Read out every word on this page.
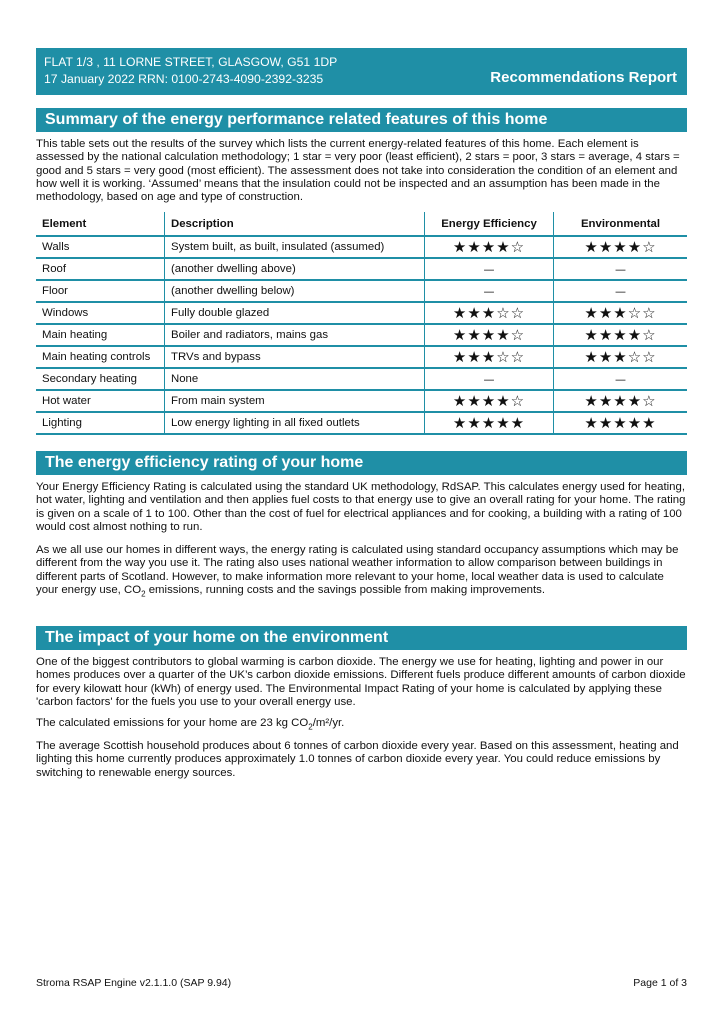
FLAT 1/3 , 11 LORNE STREET, GLASGOW, G51 1DP
17 January 2022 RRN: 0100-2743-4090-2392-3235	Recommendations Report
Summary of the energy performance related features of this home

This table sets out the results of the survey which lists the current energy-related features of this home. Each element is assessed by the national calculation methodology; 1 star = very poor (least efficient), 2 stars = poor, 3 stars = average, 4 stars = good and 5 stars = very good (most efficient). The assessment does not take into consideration the condition of an element and how well it is working. ‘Assumed’ means that the insulation could not be inspected and an assumption has been made in the methodology, based on age and type of construction.

Element	Description	Energy Efficiency	Environmental
Walls	System built, as built, insulated (assumed)	★★★★☆	★★★★☆
Roof	(another dwelling above)	—	—
Floor	(another dwelling below)	—	—
Windows	Fully double glazed	★★★☆☆	★★★☆☆
Main heating	Boiler and radiators, mains gas	★★★★☆	★★★★☆
Main heating controls	TRVs and bypass	★★★☆☆	★★★☆☆
Secondary heating	None	—	—
Hot water	From main system	★★★★☆	★★★★☆
Lighting	Low energy lighting in all fixed outlets	★★★★★	★★★★★
The energy efficiency rating of your home

Your Energy Efficiency Rating is calculated using the standard UK methodology, RdSAP. This calculates energy used for heating, hot water, lighting and ventilation and then applies fuel costs to that energy use to give an overall rating for your home. The rating is given on a scale of 1 to 100. Other than the cost of fuel for electrical appliances and for cooking, a building with a rating of 100 would cost almost nothing to run.

As we all use our homes in different ways, the energy rating is calculated using standard occupancy assumptions which may be different from the way you use it. The rating also uses national weather information to allow comparison between buildings in different parts of Scotland. However, to make information more relevant to your home, local weather data is used to calculate your energy use, $CO_2$ emissions, running costs and the savings possible from making improvements.

The impact of your home on the environment

One of the biggest contributors to global warming is carbon dioxide. The energy we use for heating, lighting and power in our homes produces over a quarter of the UK’s carbon dioxide emissions. Different fuels produce different amounts of carbon dioxide for every kilowatt hour (kWh) of energy used. The Environmental Impact Rating of your home is calculated by applying these 'carbon factors' for the fuels you use to your overall energy use.

The calculated emissions for your home are 23 kg $CO_2/m^2/yr$.

The average Scottish household produces about 6 tonnes of carbon dioxide every year. Based on this assessment, heating and lighting this home currently produces approximately 1.0 tonnes of carbon dioxide every year. You could reduce emissions by switching to renewable energy sources.

Stroma RSAP Engine v2.1.1.0 (SAP 9.94)	Page 1 of 3
